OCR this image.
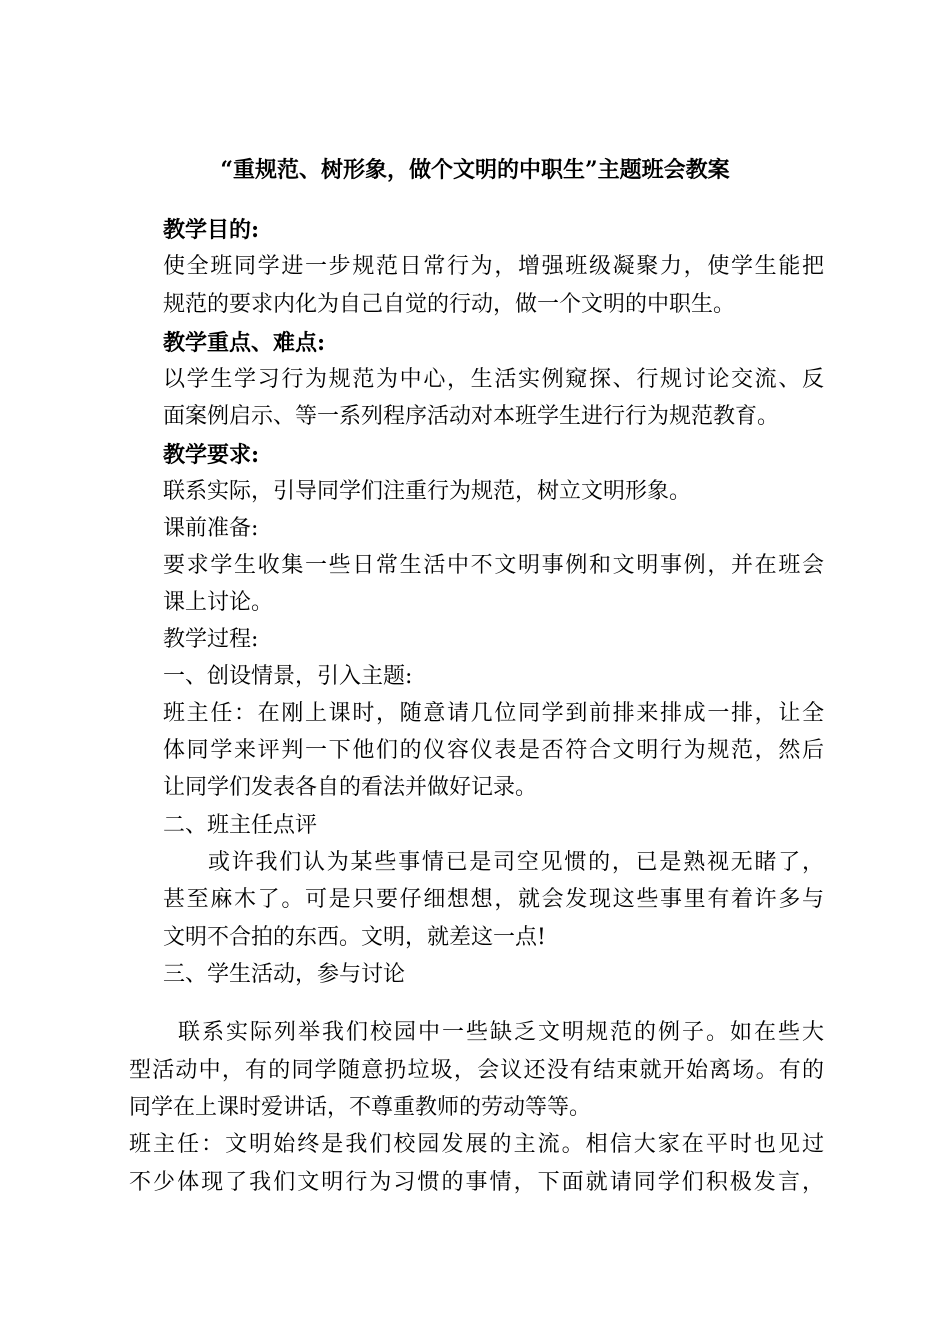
“重规范、树形象，做个文明的中职生”主题班会教案
教学目的:
使全班同学进一步规范日常行为，增强班级凝聚力，使学生能把
规范的要求内化为自己自觉的行动，做一个文明的中职生。
教学重点、难点:
以学生学习行为规范为中心，生活实例窥探、行规讨论交流、反
面案例启示、等一系列程序活动对本班学生进行行为规范教育。
教学要求:
联系实际，引导同学们注重行为规范，树立文明形象。
课前准备:
要求学生收集一些日常生活中不文明事例和文明事例，并在班会
课上讨论。
教学过程:
一、创设情景，引入主题:
班主任：在刚上课时，随意请几位同学到前排来排成一排，让全
体同学来评判一下他们的仪容仪表是否符合文明行为规范，然后
让同学们发表各自的看法并做好记录。
二、班主任点评
或许我们认为某些事情已是司空见惯的，已是熟视无睹了，
甚至麻木了。可是只要仔细想想，就会发现这些事里有着许多与
文明不合拍的东西。文明，就差这一点!
三、学生活动，参与讨论
联系实际列举我们校园中一些缺乏文明规范的例子。如在些大
型活动中，有的同学随意扔垃圾，会议还没有结束就开始离场。有的
同学在上课时爱讲话，不尊重教师的劳动等等。
班主任：文明始终是我们校园发展的主流。相信大家在平时也见过
不少体现了我们文明行为习惯的事情，下面就请同学们积极发言，
